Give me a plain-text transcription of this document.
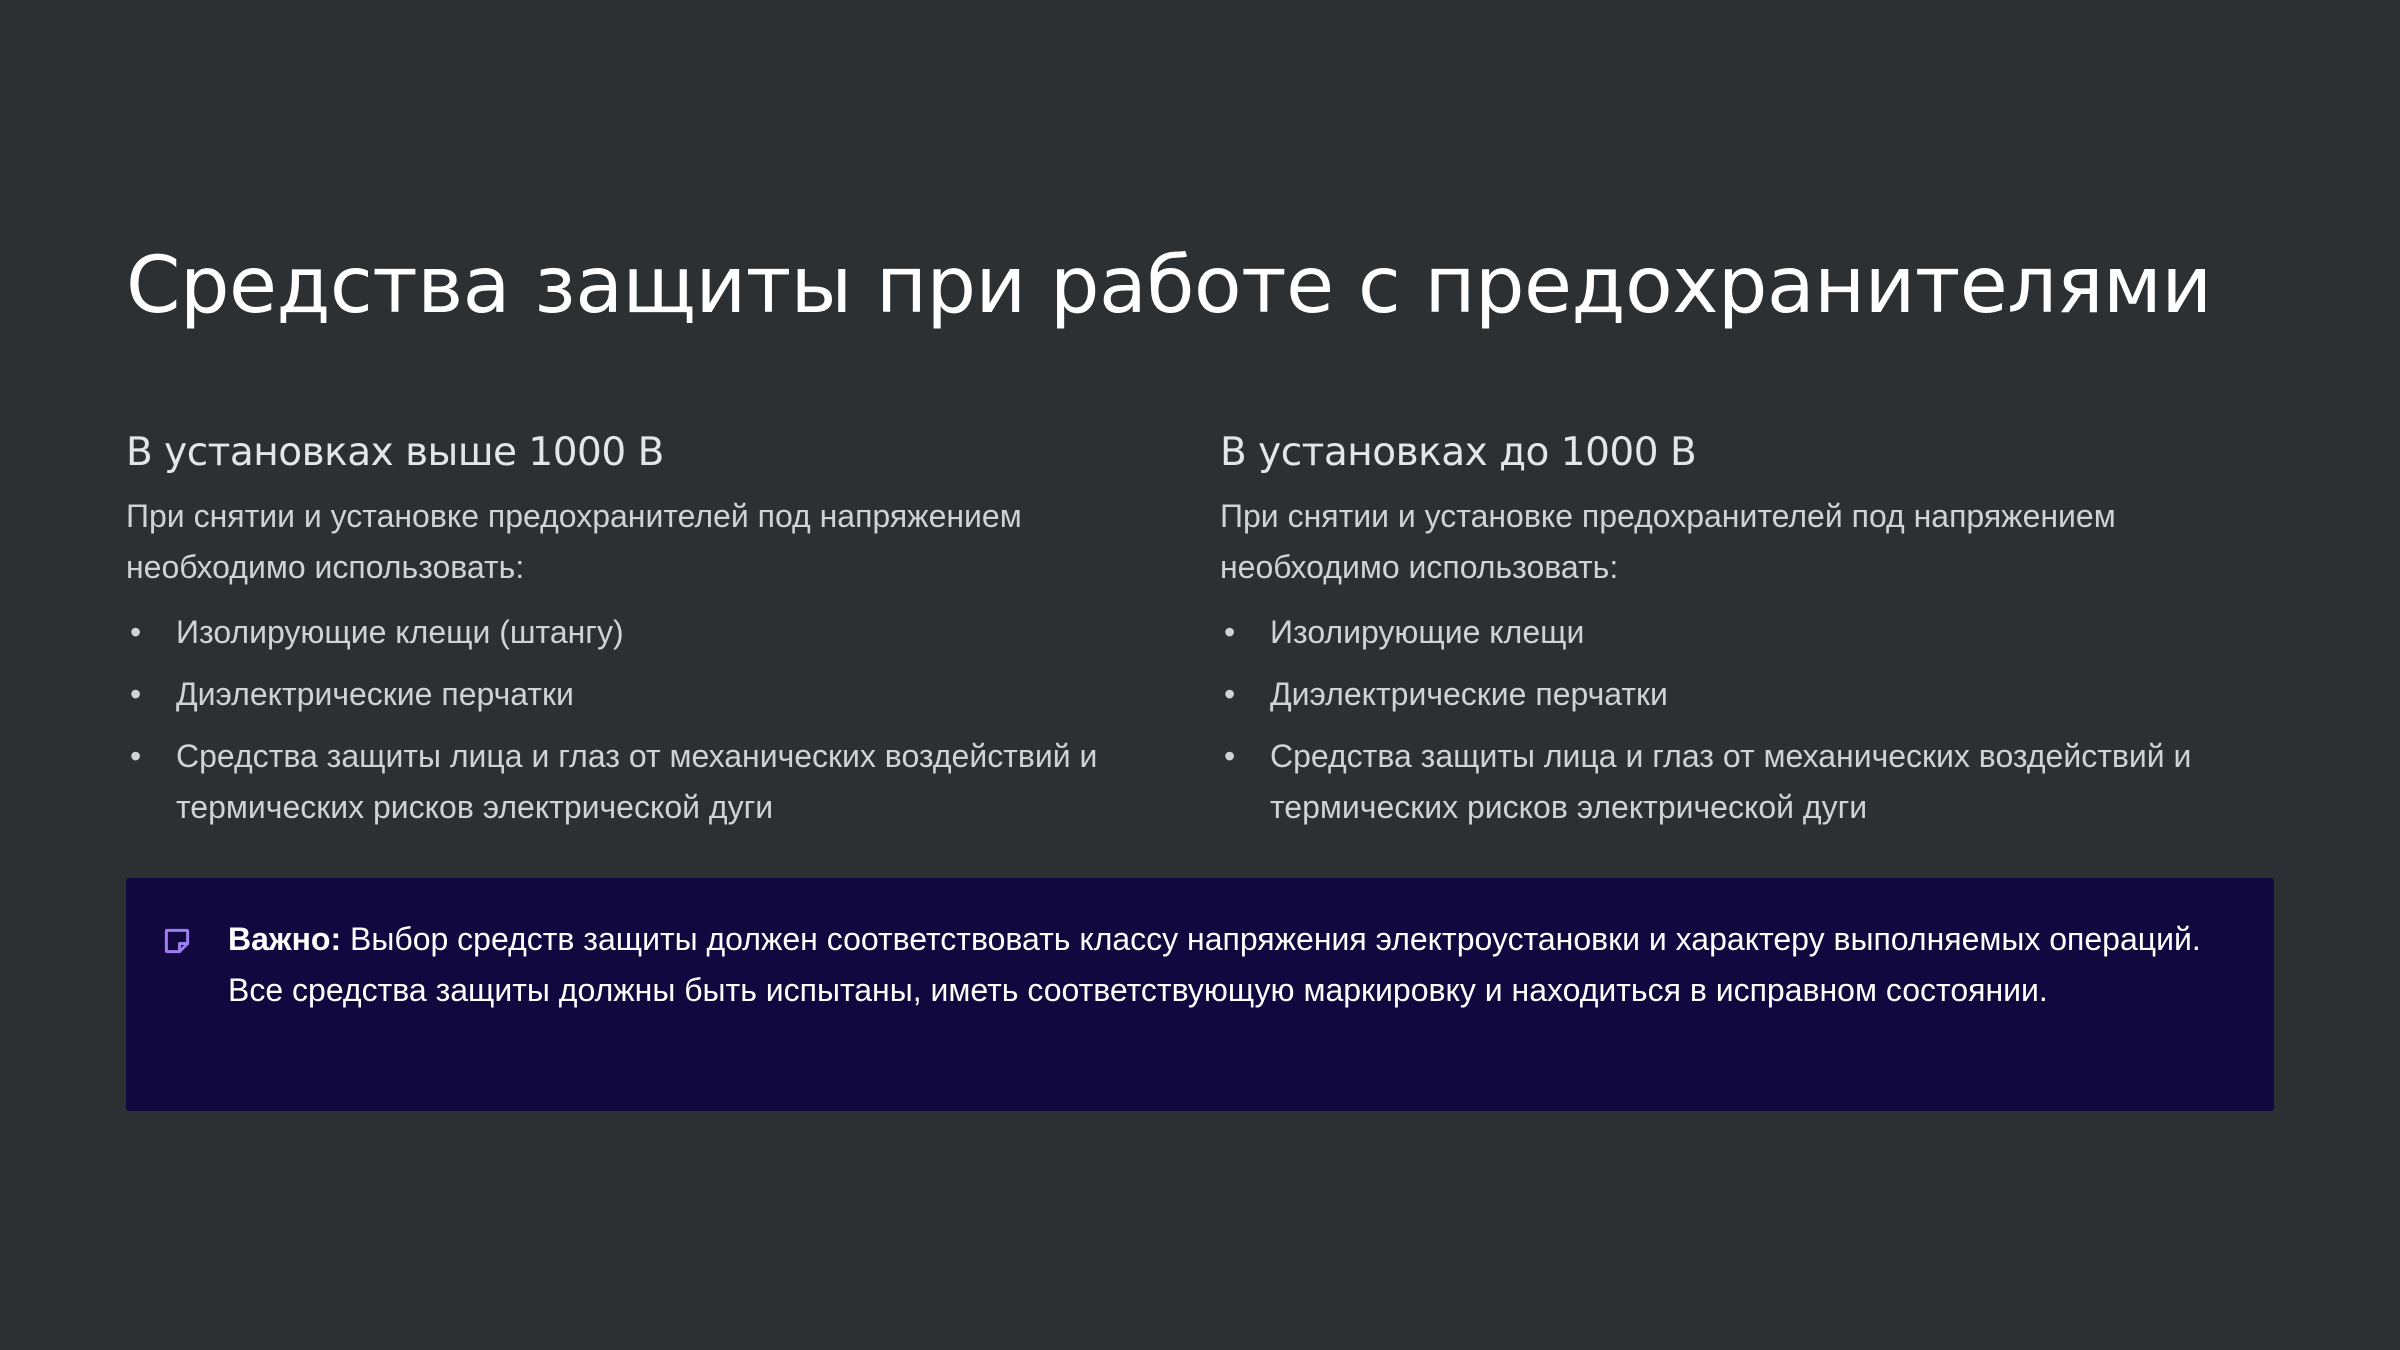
Средства защиты при работе с предохранителями
В установках выше 1000 В

При снятии и установке предохранителей под напряжением необходимо использовать:

• Изолирующие клещи (штангу)
• Диэлектрические перчатки
• Средства защиты лица и глаз от механических воздействий и термических рисков электрической дуги
В установках до 1000 В

При снятии и установке предохранителей под напряжением необходимо использовать:

• Изолирующие клещи
• Диэлектрические перчатки
• Средства защиты лица и глаз от механических воздействий и термических рисков электрической дуги

Важно: Выбор средств защиты должен соответствовать классу напряжения электроустановки и характеру выполняемых операций. Все средства защиты должны быть испытаны, иметь соответствующую маркировку и находиться в исправном состоянии.
